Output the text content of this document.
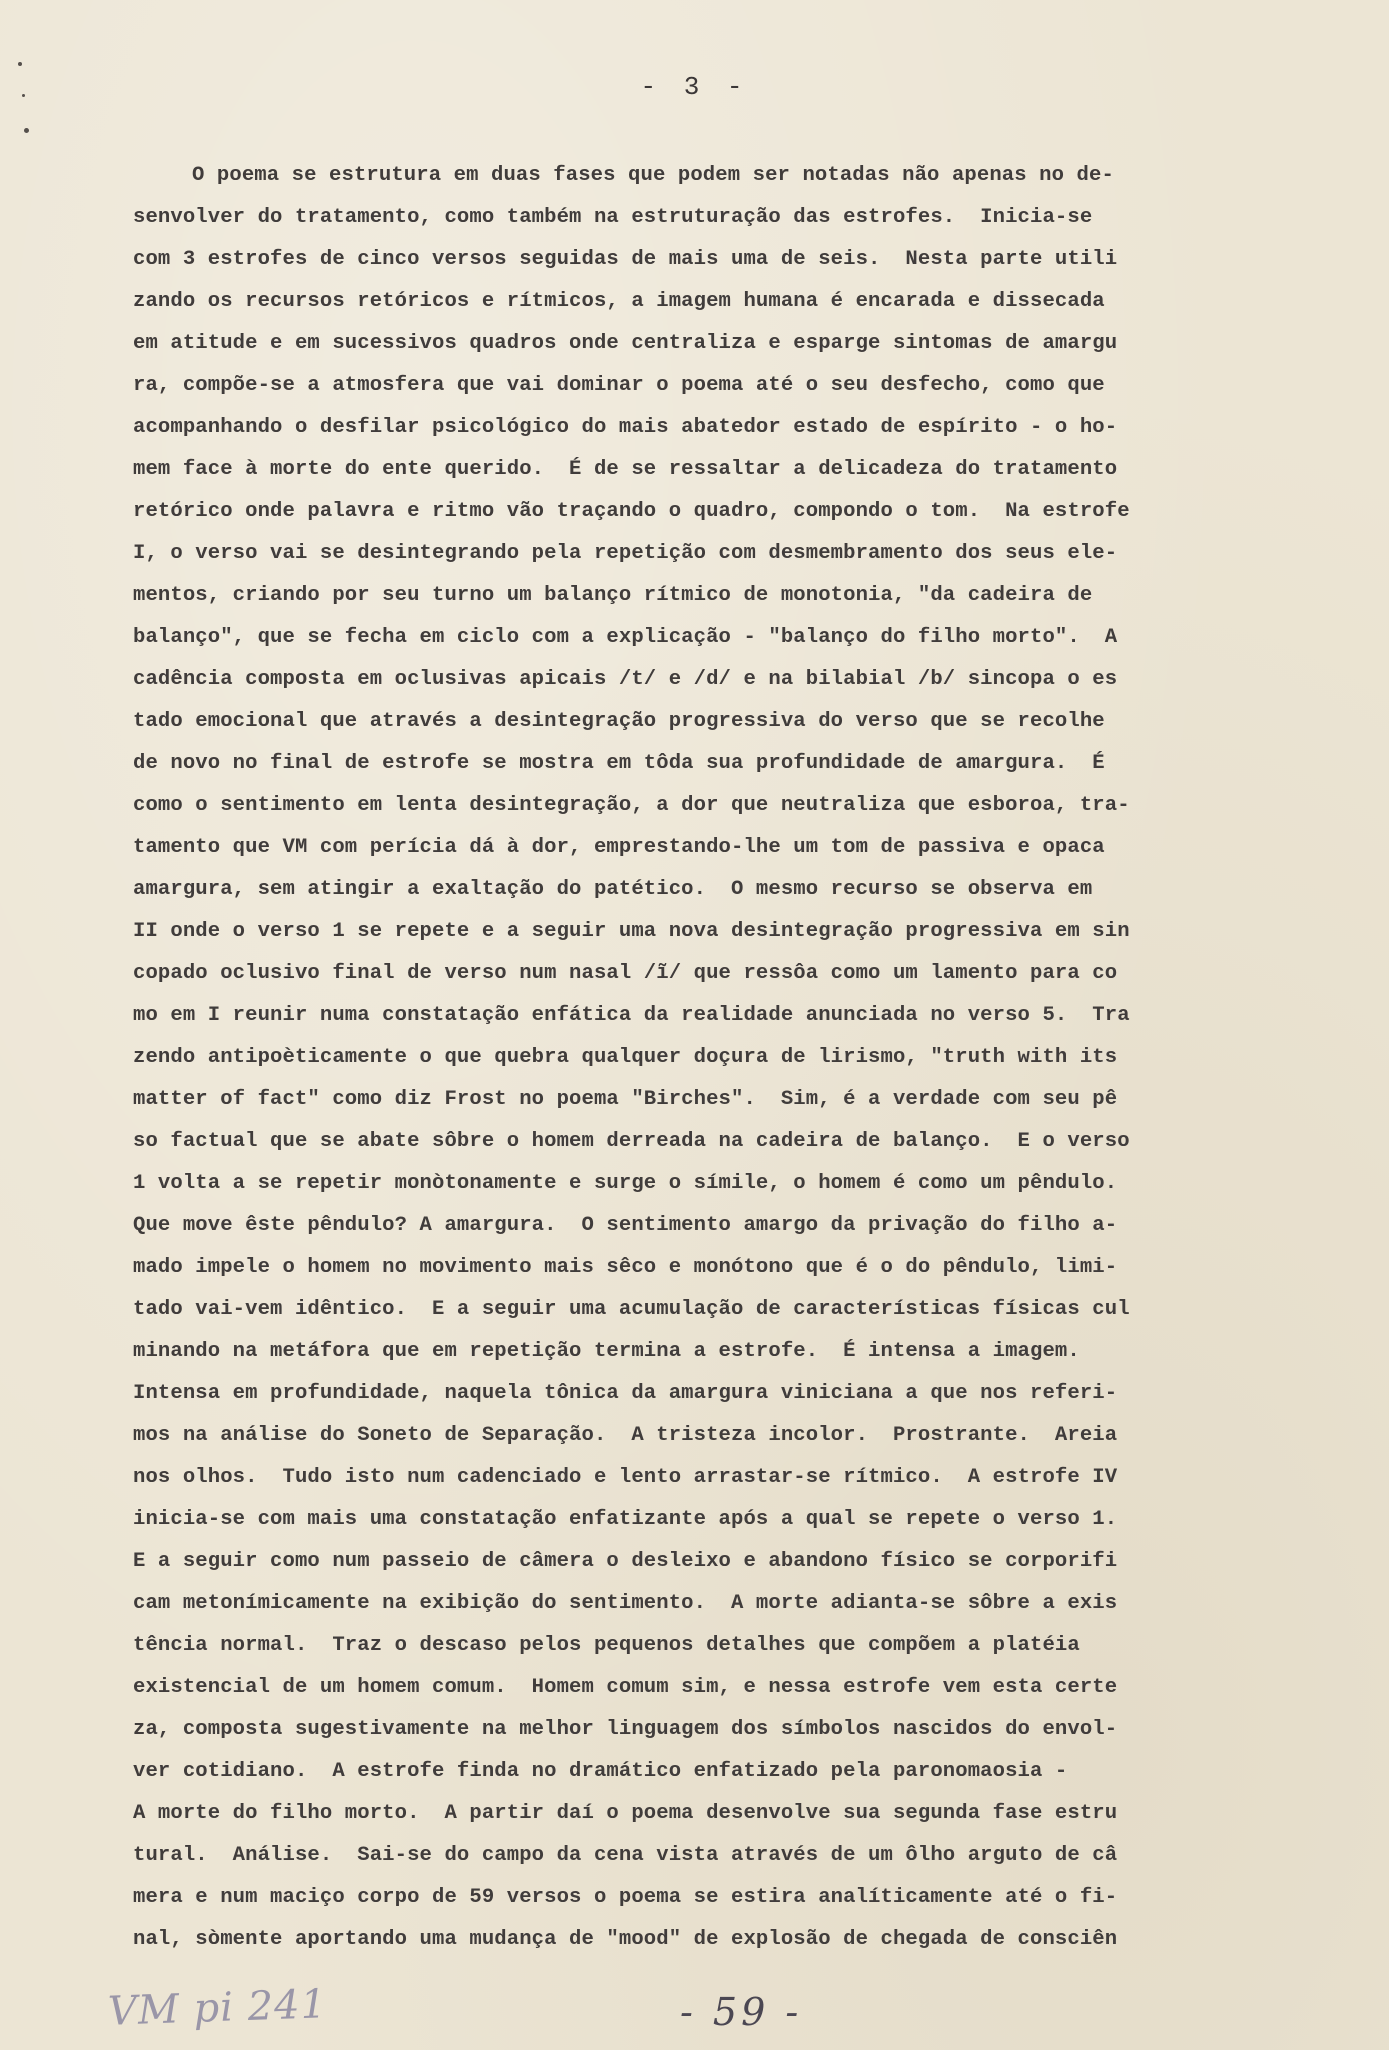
- 3 -
O poema se estrutura em duas fases que podem ser notadas não apenas no de-
senvolver do tratamento, como também na estruturação das estrofes.  Inicia-se
com 3 estrofes de cinco versos seguidas de mais uma de seis.  Nesta parte utili
zando os recursos retóricos e rítmicos, a imagem humana é encarada e dissecada
em atitude e em sucessivos quadros onde centraliza e esparge sintomas de amargu
ra, compõe-se a atmosfera que vai dominar o poema até o seu desfecho, como que
acompanhando o desfilar psicológico do mais abatedor estado de espírito - o ho-
mem face à morte do ente querido.  É de se ressaltar a delicadeza do tratamento
retórico onde palavra e ritmo vão traçando o quadro, compondo o tom.  Na estrofe
I, o verso vai se desintegrando pela repetição com desmembramento dos seus ele-
mentos, criando por seu turno um balanço rítmico de monotonia, "da cadeira de
balanço", que se fecha em ciclo com a explicação - "balanço do filho morto".  A
cadência composta em oclusivas apicais /t/ e /d/ e na bilabial /b/ sincopa o es
tado emocional que através a desintegração progressiva do verso que se recolhe
de novo no final de estrofe se mostra em tôda sua profundidade de amargura.  É
como o sentimento em lenta desintegração, a dor que neutraliza que esboroa, tra-
tamento que VM com perícia dá à dor, emprestando-lhe um tom de passiva e opaca
amargura, sem atingir a exaltação do patético.  O mesmo recurso se observa em
II onde o verso 1 se repete e a seguir uma nova desintegração progressiva em sin
copado oclusivo final de verso num nasal /ĩ/ que ressôa como um lamento para co
mo em I reunir numa constatação enfática da realidade anunciada no verso 5.  Tra
zendo antipoèticamente o que quebra qualquer doçura de lirismo, "truth with its
matter of fact" como diz Frost no poema "Birches".  Sim, é a verdade com seu pê
so factual que se abate sôbre o homem derreada na cadeira de balanço.  E o verso
1 volta a se repetir monòtonamente e surge o símile, o homem é como um pêndulo.
Que move êste pêndulo? A amargura.  O sentimento amargo da privação do filho a-
mado impele o homem no movimento mais sêco e monótono que é o do pêndulo, limi-
tado vai-vem idêntico.  E a seguir uma acumulação de características físicas cul
minando na metáfora que em repetição termina a estrofe.  É intensa a imagem.
Intensa em profundidade, naquela tônica da amargura viniciana a que nos referi-
mos na análise do Soneto de Separação.  A tristeza incolor.  Prostrante.  Areia
nos olhos.  Tudo isto num cadenciado e lento arrastar-se rítmico.  A estrofe IV
inicia-se com mais uma constatação enfatizante após a qual se repete o verso 1.
E a seguir como num passeio de câmera o desleixo e abandono físico se corporifi
cam metonímicamente na exibição do sentimento.  A morte adianta-se sôbre a exis
tência normal.  Traz o descaso pelos pequenos detalhes que compõem a platéia
existencial de um homem comum.  Homem comum sim, e nessa estrofe vem esta certe
za, composta sugestivamente na melhor linguagem dos símbolos nascidos do envol-
ver cotidiano.  A estrofe finda no dramático enfatizado pela paronomaosia -
A morte do filho morto.  A partir daí o poema desenvolve sua segunda fase estru
tural.  Análise.  Sai-se do campo da cena vista através de um ôlho arguto de câ
mera e num maciço corpo de 59 versos o poema se estira analíticamente até o fi-
nal, sòmente aportando uma mudança de "mood" de explosão de chegada de consciên
VM pi 241	- 59 -
